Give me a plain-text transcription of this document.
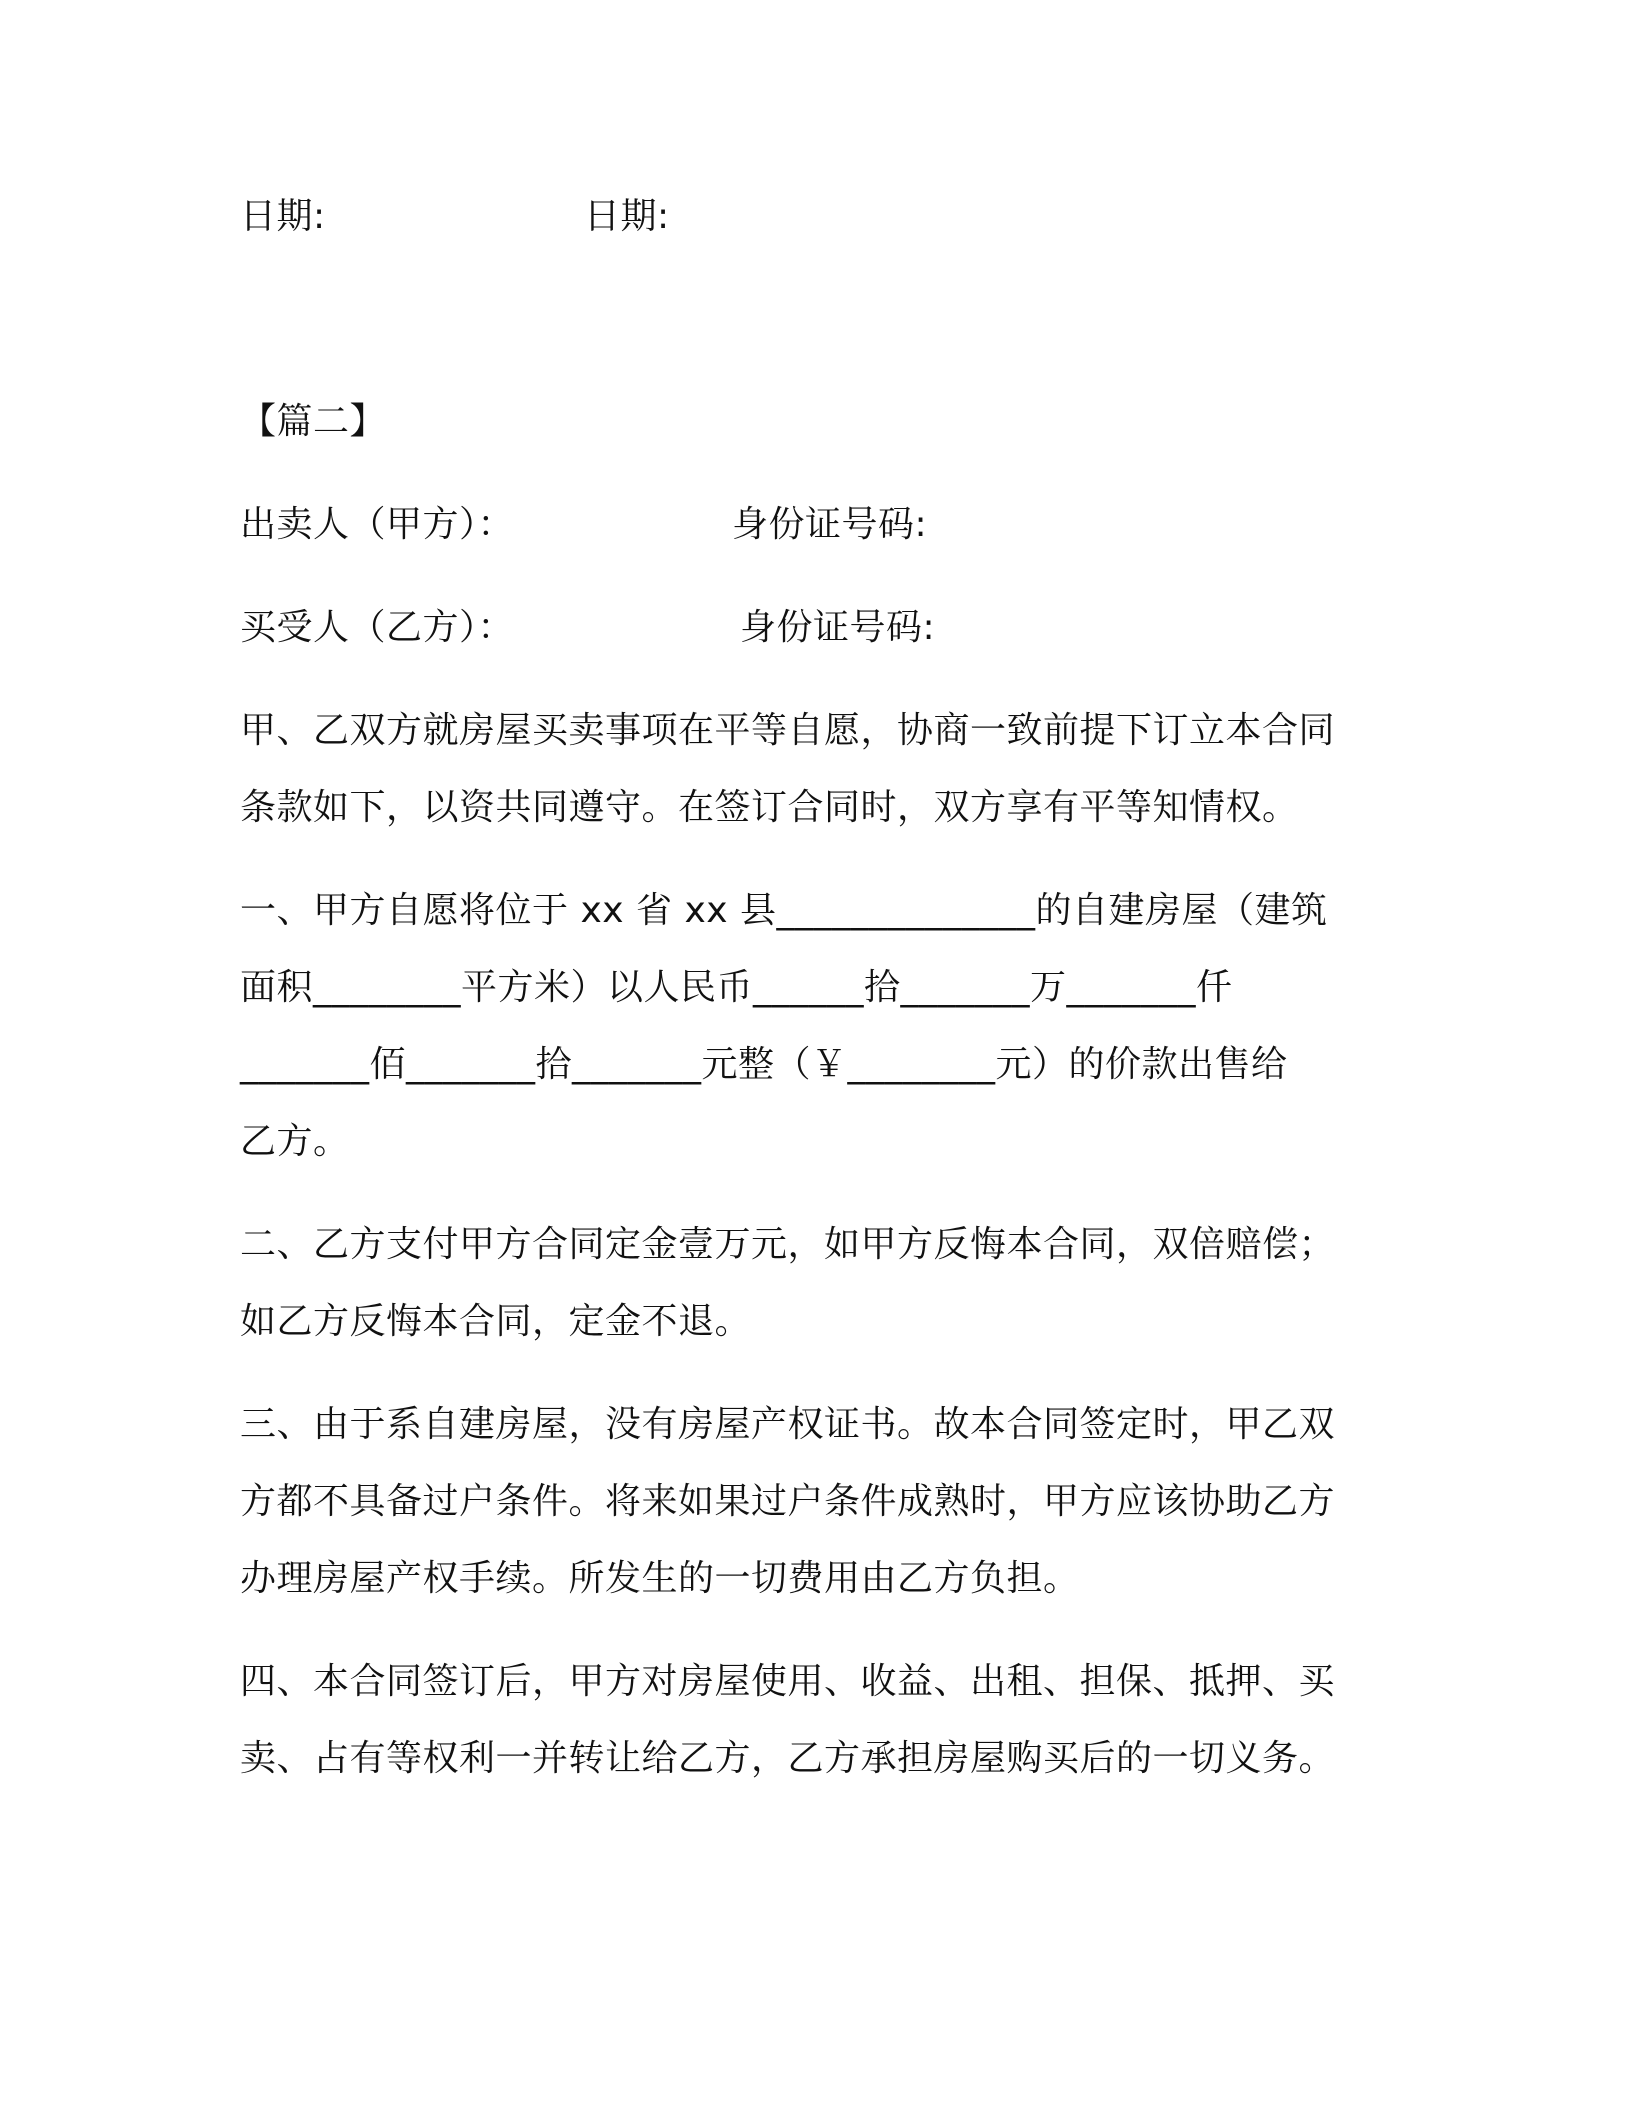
日期:	日期:
【篇二】
出卖人（甲方）：	身份证号码:
买受人（乙方）：	身份证号码:
甲、乙双方就房屋买卖事项在平等自愿，协商一致前提下订立本合同
条款如下，以资共同遵守。在签订合同时，双方享有平等知情权。
一、甲方自愿将位于 xx 省 xx 县______________的自建房屋（建筑
面积________平方米）以人民币______拾_______万_______仟
_______佰_______拾_______元整（￥________元）的价款出售给
乙方。
二、乙方支付甲方合同定金壹万元，如甲方反悔本合同，双倍赔偿；
如乙方反悔本合同，定金不退。
三、由于系自建房屋，没有房屋产权证书。故本合同签定时，甲乙双
方都不具备过户条件。将来如果过户条件成熟时，甲方应该协助乙方
办理房屋产权手续。所发生的一切费用由乙方负担。
四、本合同签订后，甲方对房屋使用、收益、出租、担保、抵押、买
卖、占有等权利一并转让给乙方，乙方承担房屋购买后的一切义务。
